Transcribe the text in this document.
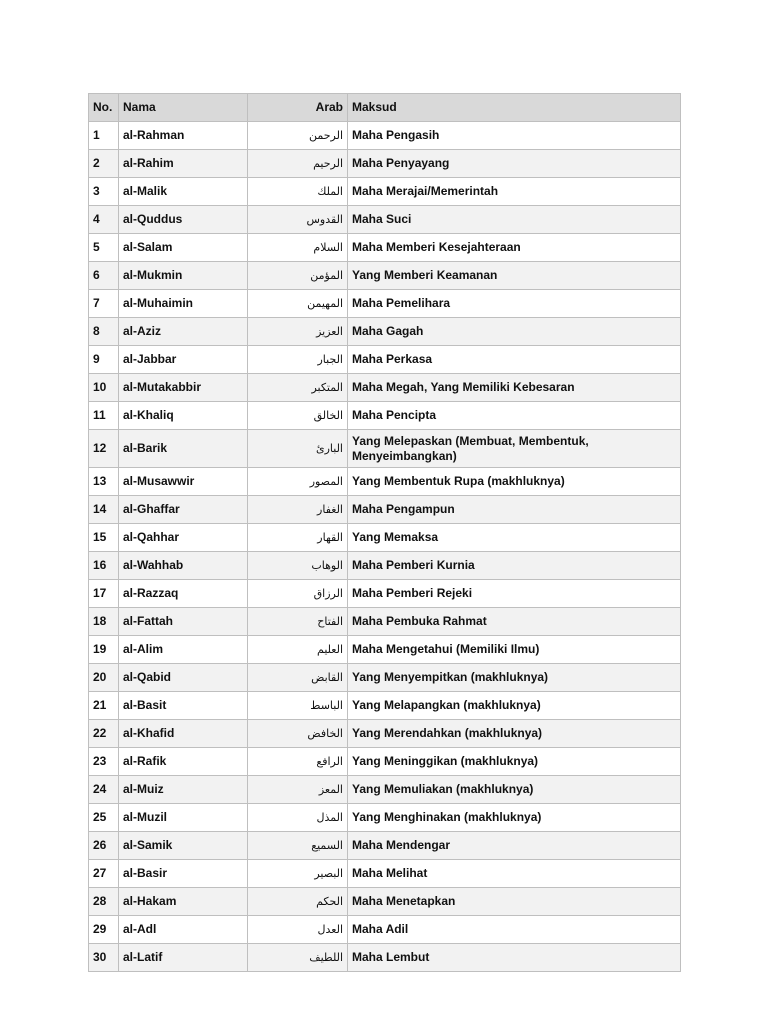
No.	Nama	Arab	Maksud
1	al-Rahman	الرحمن	Maha Pengasih
2	al-Rahim	الرحيم	Maha Penyayang
3	al-Malik	الملك	Maha Merajai/Memerintah
4	al-Quddus	القدوس	Maha Suci
5	al-Salam	السلام	Maha Memberi Kesejahteraan
6	al-Mukmin	المؤمن	Yang Memberi Keamanan
7	al-Muhaimin	المهيمن	Maha Pemelihara
8	al-Aziz	العزيز	Maha Gagah
9	al-Jabbar	الجبار	Maha Perkasa
10	al-Mutakabbir	المتكبر	Maha Megah, Yang Memiliki Kebesaran
11	al-Khaliq	الخالق	Maha Pencipta
12	al-Barik	البارئ	Yang Melepaskan (Membuat, Membentuk, Menyeimbangkan)
13	al-Musawwir	المصور	Yang Membentuk Rupa (makhluknya)
14	al-Ghaffar	الغفار	Maha Pengampun
15	al-Qahhar	القهار	Yang Memaksa
16	al-Wahhab	الوهاب	Maha Pemberi Kurnia
17	al-Razzaq	الرزاق	Maha Pemberi Rejeki
18	al-Fattah	الفتاح	Maha Pembuka Rahmat
19	al-Alim	العليم	Maha Mengetahui (Memiliki Ilmu)
20	al-Qabid	القابض	Yang Menyempitkan (makhluknya)
21	al-Basit	الباسط	Yang Melapangkan (makhluknya)
22	al-Khafid	الخافض	Yang Merendahkan (makhluknya)
23	al-Rafik	الرافع	Yang Meninggikan (makhluknya)
24	al-Muiz	المعز	Yang Memuliakan (makhluknya)
25	al-Muzil	المذل	Yang Menghinakan (makhluknya)
26	al-Samik	السميع	Maha Mendengar
27	al-Basir	البصير	Maha Melihat
28	al-Hakam	الحكم	Maha Menetapkan
29	al-Adl	العدل	Maha Adil
30	al-Latif	اللطيف	Maha Lembut
